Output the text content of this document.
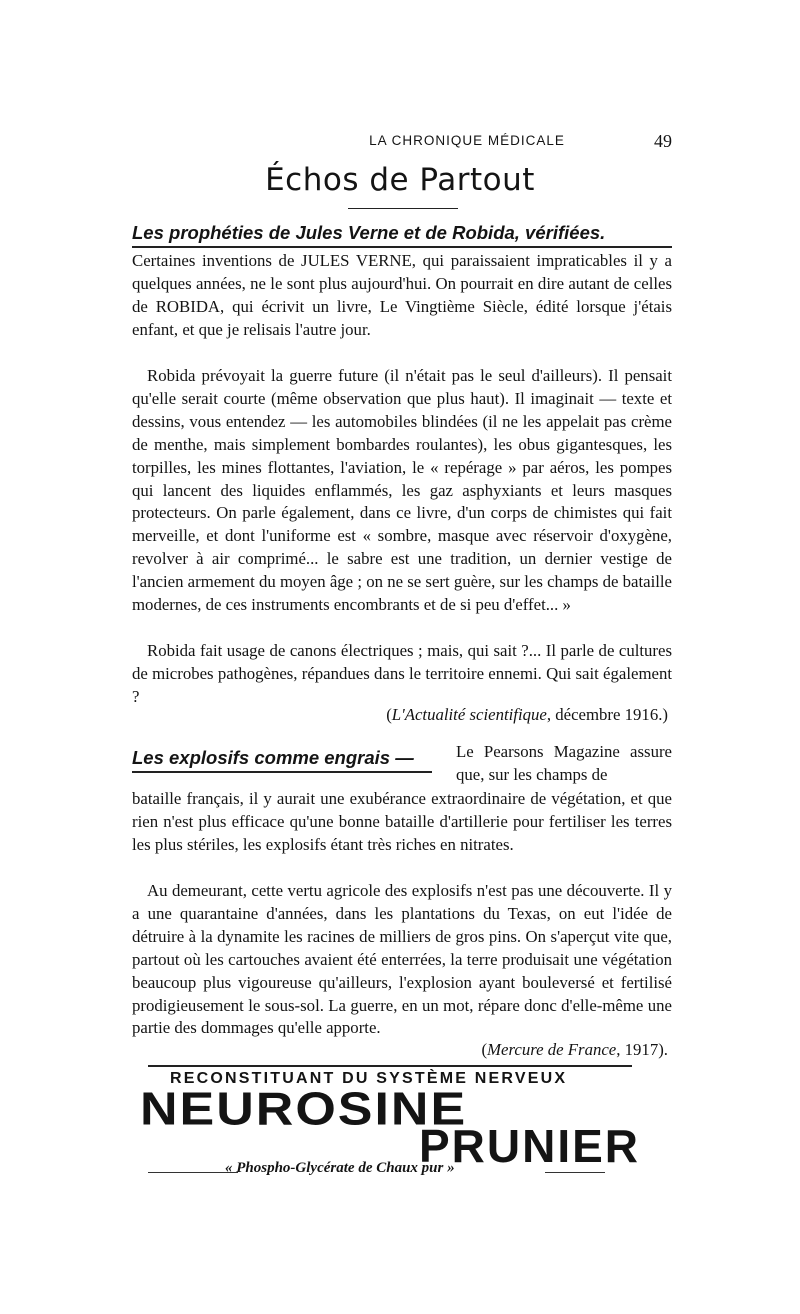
LA CHRONIQUE MÉDICALE	49
Échos de Partout
Les prophéties de Jules Verne et de Robida, vérifiées.
Certaines inventions de JULES VERNE, qui paraissaient impraticables il y a quelques années, ne le sont plus aujourd'hui. On pourrait en dire autant de celles de ROBIDA, qui écrivit un livre, Le Vingtième Siècle, édité lorsque j'étais enfant, et que je relisais l'autre jour.
Robida prévoyait la guerre future (il n'était pas le seul d'ailleurs). Il pensait qu'elle serait courte (même observation que plus haut). Il imaginait — texte et dessins, vous entendez — les automobiles blindées (il ne les appelait pas crème de menthe, mais simplement bombardes roulantes), les obus gigantesques, les torpilles, les mines flottantes, l'aviation, le « repérage » par aéros, les pompes qui lancent des liquides enflammés, les gaz asphyxiants et leurs masques protecteurs. On parle également, dans ce livre, d'un corps de chimistes qui fait merveille, et dont l'uniforme est « sombre, masque avec réservoir d'oxygène, revolver à air comprimé... le sabre est une tradition, un dernier vestige de l'ancien armement du moyen âge ; on ne se sert guère, sur les champs de bataille modernes, de ces instruments encombrants et de si peu d'effet... »
Robida fait usage de canons électriques ; mais, qui sait ?... Il parle de cultures de microbes pathogènes, répandues dans le territoire ennemi. Qui sait également ?
(L'Actualité scientifique, décembre 1916.)
Les explosifs comme engrais —	Le Pearsons Magazine assure que, sur les champs de
bataille français, il y aurait une exubérance extraordinaire de végétation, et que rien n'est plus efficace qu'une bonne bataille d'artillerie pour fertiliser les terres les plus stériles, les explosifs étant très riches en nitrates.
Au demeurant, cette vertu agricole des explosifs n'est pas une découverte. Il y a une quarantaine d'années, dans les plantations du Texas, on eut l'idée de détruire à la dynamite les racines de milliers de gros pins. On s'aperçut vite que, partout où les cartouches avaient été enterrées, la terre produisait une végétation beaucoup plus vigoureuse qu'ailleurs, l'explosion ayant bouleversé et fertilisé prodigieusement le sous-sol. La guerre, en un mot, répare donc d'elle-même une partie des dommages qu'elle apporte.
(Mercure de France, 1917).
RECONSTITUANT DU SYSTÈME NERVEUX
NEUROSINE
PRUNIER
« Phospho-Glycérate de Chaux pur »
